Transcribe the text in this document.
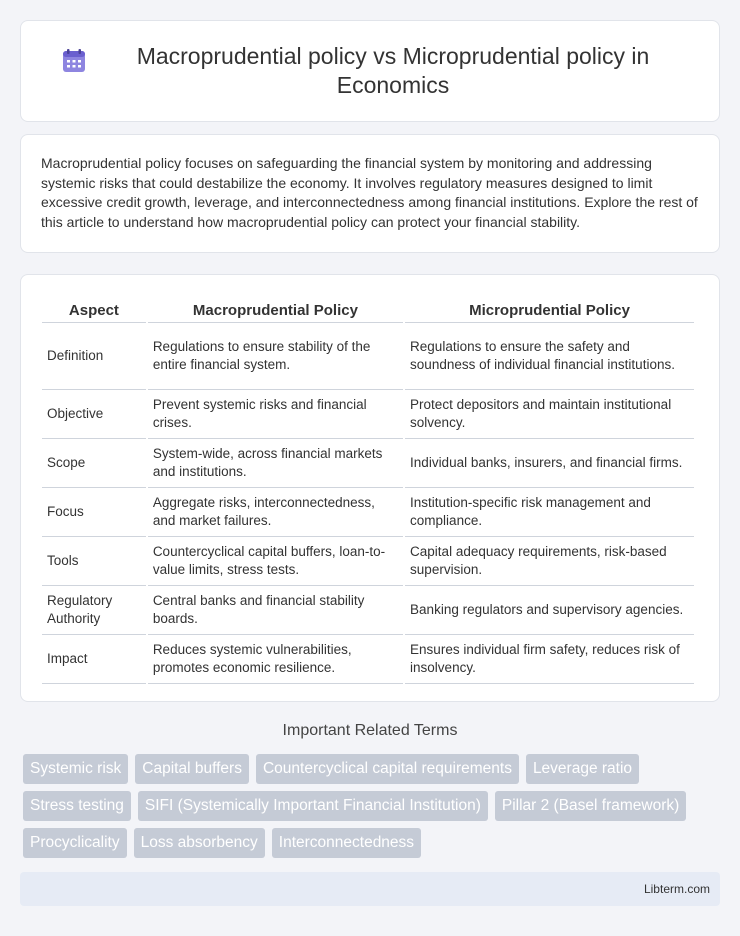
Macroprudential policy vs Microprudential policy in Economics

Macroprudential policy focuses on safeguarding the financial system by monitoring and addressing systemic risks that could destabilize the economy. It involves regulatory measures designed to limit excessive credit growth, leverage, and interconnectedness among financial institutions. Explore the rest of this article to understand how macroprudential policy can protect your financial stability.

Aspect	Macroprudential Policy	Microprudential Policy
Definition	Regulations to ensure stability of the entire financial system.	Regulations to ensure the safety and soundness of individual financial institutions.
Objective	Prevent systemic risks and financial crises.	Protect depositors and maintain institutional solvency.
Scope	System-wide, across financial markets and institutions.	Individual banks, insurers, and financial firms.
Focus	Aggregate risks, interconnectedness, and market failures.	Institution-specific risk management and compliance.
Tools	Countercyclical capital buffers, loan-to-value limits, stress tests.	Capital adequacy requirements, risk-based supervision.
Regulatory Authority	Central banks and financial stability boards.	Banking regulators and supervisory agencies.
Impact	Reduces systemic vulnerabilities, promotes economic resilience.	Ensures individual firm safety, reduces risk of insolvency.
Important Related Terms
Systemic risk	Capital buffers	Countercyclical capital requirements	Leverage ratio
Stress testing	SIFI (Systemically Important Financial Institution)	Pillar 2 (Basel framework)
Procyclicality	Loss absorbency	Interconnectedness
Libterm.com
